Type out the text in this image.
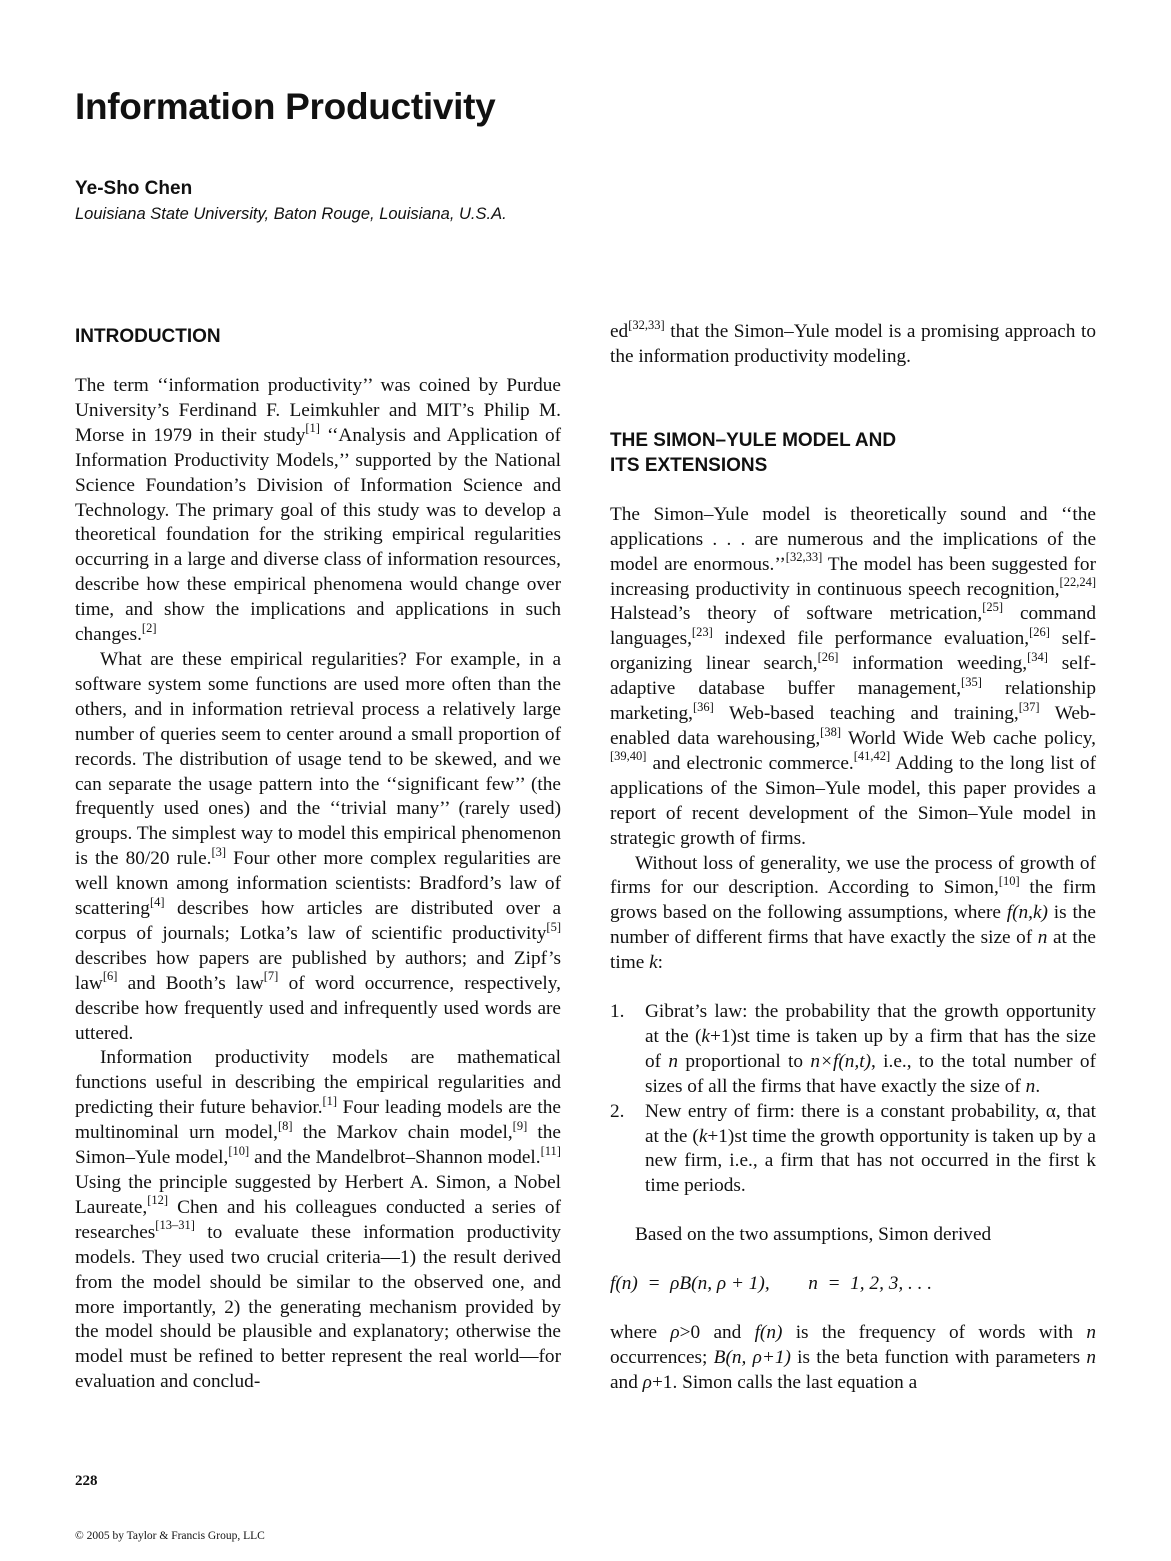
Information Productivity
Ye-Sho Chen
Louisiana State University, Baton Rouge, Louisiana, U.S.A.
INTRODUCTION

The term ‘‘information productivity’’ was coined by Purdue University’s Ferdinand F. Leimkuhler and MIT’s Philip M. Morse in 1979 in their study[1] ‘‘Analysis and Application of Information Productivity Models,’’ supported by the National Science Foundation’s Division of Information Science and Technology. The primary goal of this study was to develop a theoretical foundation for the striking empirical regularities occurring in a large and diverse class of information resources, describe how these empirical phenomena would change over time, and show the implications and applications in such changes.[2]

What are these empirical regularities? For example, in a software system some functions are used more often than the others, and in information retrieval process a relatively large number of queries seem to center around a small proportion of records. The distribution of usage tend to be skewed, and we can separate the usage pattern into the ‘‘significant few’’ (the frequently used ones) and the ‘‘trivial many’’ (rarely used) groups. The simplest way to model this empirical phenomenon is the 80/20 rule.[3] Four other more complex regularities are well known among information scientists: Bradford’s law of scattering[4] describes how articles are distributed over a corpus of journals; Lotka’s law of scientific productivity[5] describes how papers are published by authors; and Zipf’s law[6] and Booth’s law[7] of word occurrence, respectively, describe how frequently used and infrequently used words are uttered.

Information productivity models are mathematical functions useful in describing the empirical regularities and predicting their future behavior.[1] Four leading models are the multinominal urn model,[8] the Markov chain model,[9] the Simon–Yule model,[10] and the Mandelbrot–Shannon model.[11] Using the principle suggested by Herbert A. Simon, a Nobel Laureate,[12] Chen and his colleagues conducted a series of researches[13–31] to evaluate these information productivity models. They used two crucial criteria—1) the result derived from the model should be similar to the observed one, and more importantly, 2) the generating mechanism provided by the model should be plausible and explanatory; otherwise the model must be refined to better represent the real world—for evaluation and conclud-

ed[32,33] that the Simon–Yule model is a promising approach to the information productivity modeling.

THE SIMON–YULE MODEL AND
ITS EXTENSIONS

The Simon–Yule model is theoretically sound and ‘‘the applications . . . are numerous and the implications of the model are enormous.’’[32,33] The model has been suggested for increasing productivity in continuous speech recognition,[22,24] Halstead’s theory of software metrication,[25] command languages,[23] indexed file performance evaluation,[26] self-organizing linear search,[26] information weeding,[34] self-adaptive database buffer management,[35] relationship marketing,[36] Web-based teaching and training,[37] Web-enabled data warehousing,[38] World Wide Web cache policy,[39,40] and electronic commerce.[41,42] Adding to the long list of applications of the Simon–Yule model, this paper provides a report of recent development of the Simon–Yule model in strategic growth of firms.

Without loss of generality, we use the process of growth of firms for our description. According to Simon,[10] the firm grows based on the following assumptions, where f(n,k) is the number of different firms that have exactly the size of n at the time k:

1. Gibrat’s law: the probability that the growth opportunity at the (k+1)st time is taken up by a firm that has the size of n proportional to n×f(n,t), i.e., to the total number of sizes of all the firms that have exactly the size of n.
2. New entry of firm: there is a constant probability, α, that at the (k+1)st time the growth opportunity is taken up by a new firm, i.e., a firm that has not occurred in the first k time periods.

Based on the two assumptions, Simon derived

f(n)  =  ρB(n, ρ + 1),        n  =  1, 2, 3, . . .

where ρ>0 and f(n) is the frequency of words with n occurrences; B(n, ρ+1) is the beta function with parameters n and ρ+1. Simon calls the last equation a

228
© 2005 by Taylor & Francis Group, LLC
